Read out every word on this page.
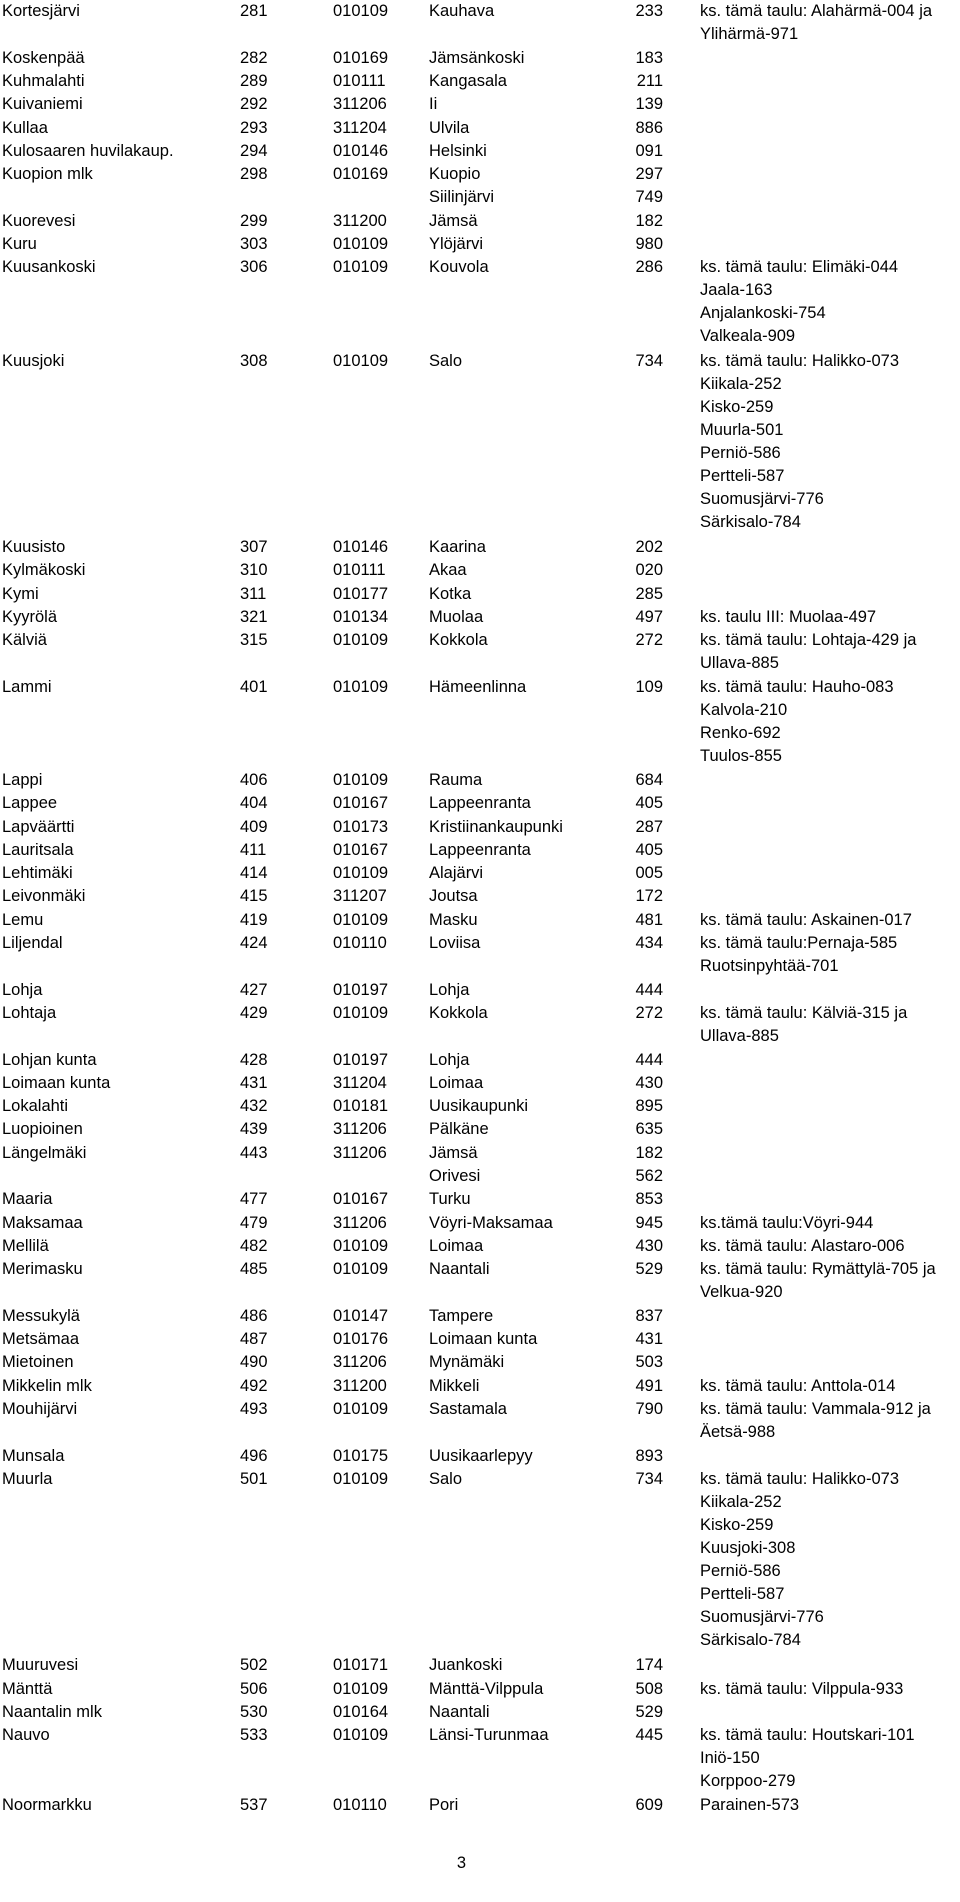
Kortesjärvi	281	010109 Kauhava	233 ks. tämä taulu: Alahärmä-004 ja
Ylihärmä-971
Koskenpää	282	010169 Jämsänkoski	183
Kuhmalahti	289	010111	Kangasala	211
Kuivaniemi	292	311206	Ii	139
Kullaa	293	311204	Ulvila	886
Kulosaaren huvilakaup.	294	010146 Helsinki	091
Kuopion mlk	298	010169 Kuopio	297
Siilinjärvi	749
Kuorevesi	299	311200	Jämsä	182
Kuru	303	010109 Ylöjärvi	980
Kuusankoski	306	010109 Kouvola	286 ks. tämä taulu: Elimäki-044
Jaala-163
Anjalankoski-754
Valkeala-909
Kuusjoki	308	010109 Salo	734 ks. tämä taulu: Halikko-073
Kiikala-252
Kisko-259
Muurla-501
Perniö-586
Pertteli-587
Suomusjärvi-776
Särkisalo-784
Kuusisto	307	010146 Kaarina	202
Kylmäkoski	310	010111	Akaa	020
Kymi	311	010177 Kotka	285
Kyyrölä	321	010134 Muolaa	497 ks. taulu III: Muolaa-497
Kälviä	315	010109 Kokkola	272 ks. tämä taulu: Lohtaja-429 ja
Ullava-885
Lammi	401	010109 Hämeenlinna	109 ks. tämä taulu: Hauho-083
Kalvola-210
Renko-692
Tuulos-855
Lappi	406	010109 Rauma	684
Lappee	404	010167 Lappeenranta	405
Lapväärtti	409	010173 Kristiinankaupunki	287
Lauritsala	411	010167 Lappeenranta	405
Lehtimäki	414	010109 Alajärvi	005
Leivonmäki	415	311207	Joutsa	172
Lemu	419	010109 Masku	481 ks. tämä taulu: Askainen-017
Liljendal	424	010110	Loviisa	434 ks. tämä taulu:Pernaja-585
Ruotsinpyhtää-701
Lohja	427	010197 Lohja	444
Lohtaja	429	010109 Kokkola	272 ks. tämä taulu: Kälviä-315 ja
Ullava-885
Lohjan kunta	428	010197 Lohja	444
Loimaan kunta	431	311204	Loimaa	430
Lokalahti	432	010181 Uusikaupunki	895
Luopioinen	439	311206	Pälkäne	635
Längelmäki	443	311206	Jämsä	182
Orivesi	562
Maaria	477	010167 Turku	853
Maksamaa	479	311206	Vöyri-Maksamaa	945 ks.tämä taulu:Vöyri-944
Mellilä	482	010109 Loimaa	430 ks. tämä taulu: Alastaro-006
Merimasku	485	010109 Naantali	529 ks. tämä taulu: Rymättylä-705 ja
Velkua-920
Messukylä	486	010147 Tampere	837
Metsämaa	487	010176 Loimaan kunta	431
Mietoinen	490	311206	Mynämäki	503
Mikkelin mlk	492	311200	Mikkeli	491 ks. tämä taulu: Anttola-014
Mouhijärvi	493	010109 Sastamala	790 ks. tämä taulu: Vammala-912 ja
Äetsä-988
Munsala	496	010175 Uusikaarlepyy	893
Muurla	501	010109 Salo	734 ks. tämä taulu: Halikko-073
Kiikala-252
Kisko-259
Kuusjoki-308
Perniö-586
Pertteli-587
Suomusjärvi-776
Särkisalo-784
Muuruvesi	502	010171 Juankoski	174
Mänttä	506	010109 Mänttä-Vilppula	508 ks. tämä taulu: Vilppula-933
Naantalin mlk	530	010164 Naantali	529
Nauvo	533	010109 Länsi-Turunmaa	445 ks. tämä taulu: Houtskari-101
Iniö-150
Korppoo-279
Noormarkku	537	010110	Pori	609 Parainen-573
3
